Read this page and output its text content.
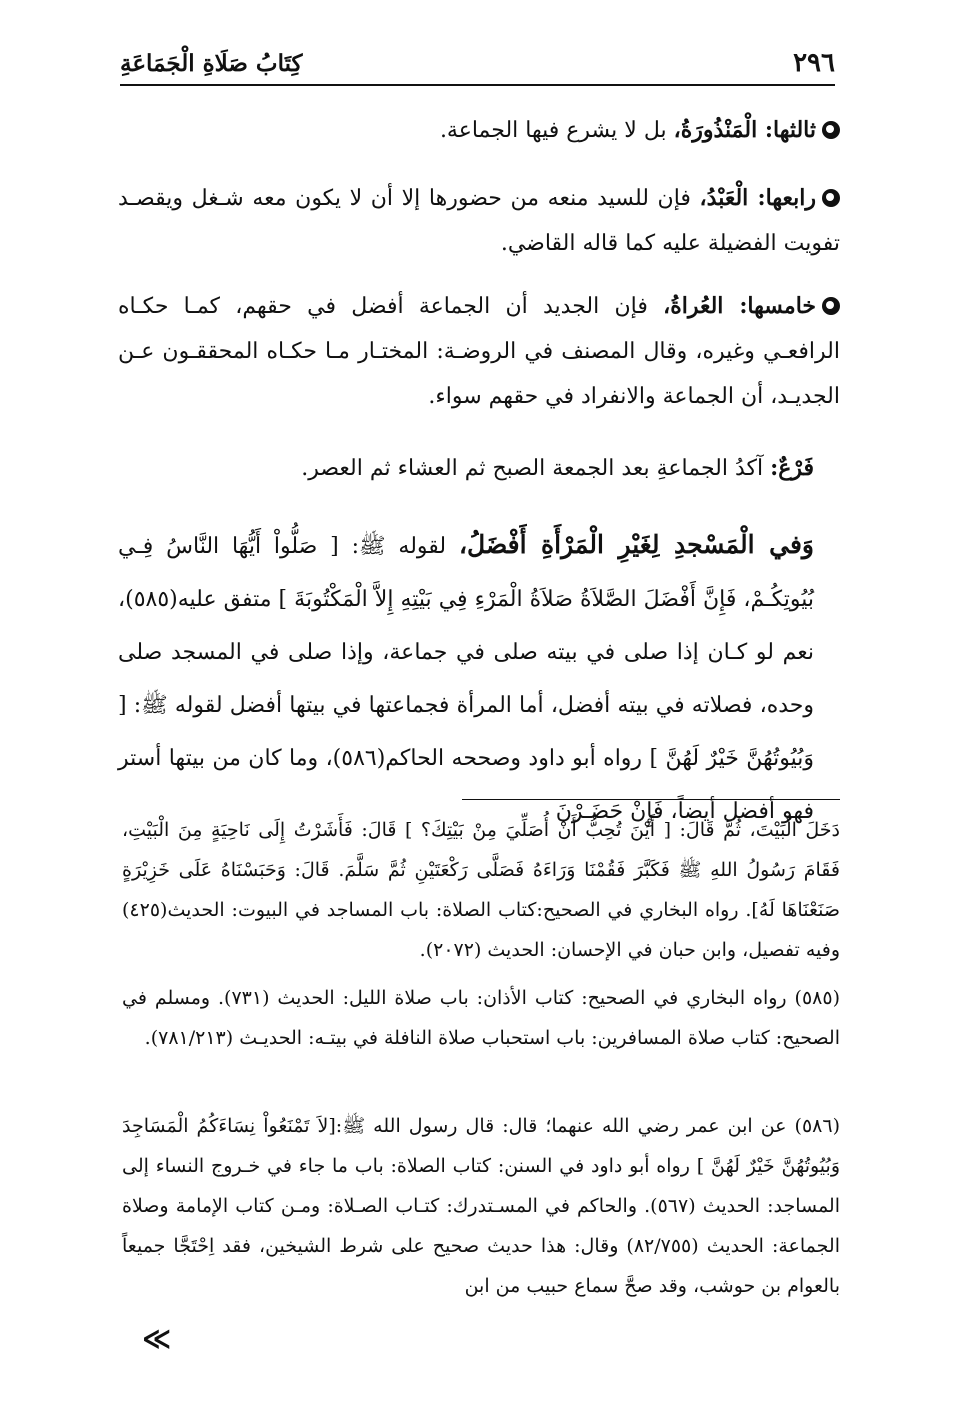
٢٩٦
كِتَابُ صَلَاةِ الْجَمَاعَةِ

ثالثها: الْمَنْذُورَةُ، بل لا يشرع فيها الجماعة.

رابعها: الْعَبْدُ، فإن للسيد منعه من حضورها إلا أن لا يكون معه شـغل ويقصـد تفويت الفضيلة عليه كما قاله القاضي.

خامسها: العُراةُ، فإن الجديد أن الجماعة أفضل في حقهم، كمـا حكـاه الرافعـي وغيره، وقال المصنف في الروضـة: المختـار مـا حكـاه المحققـون عـن الجديـد، أن الجماعة والانفراد في حقهم سواء.

فَرْعٌ: آكدُ الجماعةِ بعد الجمعة الصبح ثم العشاء ثم العصر.

وَفي الْمَسْجدِ لِغَيْرِ الْمَرْأَةِ أَفْضَلُ، لقوله ﷺ: [ صَلُّواْ أَيُّهَا النَّاسُ فِـي بُيُوتِكُـمْ، فَإِنَّ أَفْضَلَ الصَّلاَةُ صَلاَةُ الْمَرْءِ فِي بَيْتِهِ إِلاَّ الْمَكْتُوبَةَ ] متفق عليه(٥٨٥)، نعم لو كـان إذا صلى في بيته صلى في جماعة، وإذا صلى في المسجد صلى وحده، فصلاته في بيته أفضل، أما المرأة فجماعتها في بيتها أفضل لقوله ﷺ: [ وَبُيُوتُهُنَّ خَيْرٌ لَهُنَّ ] رواه أبو داود وصححه الحاكم(٥٨٦)، وما كان من بيتها أستر فهو أفضل أيضاً، فَإِنْ حَضَـرْنَ

دَخَلَ الْبَيْتَ، ثُمَّ قَالَ: [ أَيْنَ تُحِبُّ أَنْ أُصَلِّيَ مِنْ بَيْتِكَ؟ ] قَالَ: فَأَشَرْتُ إِلَى نَاحِيَةٍ مِنَ الْبَيْتِ، فَقَامَ رَسُولُ اللهِ ﷺ فَكَبَّرَ فَقُمْنَا وَرَاءَهُ فَصَلَّى رَكْعَتَيْنِ ثُمَّ سَلَّمَ. قَالَ: وَحَبَسْنَاهُ عَلَى خَزِيْرَةٍ صَنَعْنَاهَا لَهُ]. رواه البخاري في الصحيح:كتاب الصلاة: باب المساجد في البيوت: الحديث(٤٢٥) وفيه تفصيل، وابن حبان في الإحسان: الحديث (٢٠٧٢).

(٥٨٥) رواه البخاري في الصحيح: كتاب الأذان: باب صلاة الليل: الحديث (٧٣١). ومسلم في الصحيح: كتاب صلاة المسافرين: باب استحباب صلاة النافلة في بيتـه: الحديـث (٧٨١/٢١٣).

(٥٨٦) عن ابن عمر رضي الله عنهما؛ قال: قال رسول الله ﷺ:[لاَ تَمْنَعُواْ نِسَاءَكُمُ الْمَسَاجِدَ وَبُيُوتُهُنَّ خَيْرٌ لَهُنَّ ] رواه أبو داود في السنن: كتاب الصلاة: باب ما جاء في خـروج النساء إلى المساجد: الحديث (٥٦٧). والحاكم في المسـتدرك: كتـاب الصـلاة: ومـن كتاب الإمامة وصلاة الجماعة: الحديث (٨٢/٧٥٥) وقال: هذا حديث صحيح على شرط الشيخين، فقد اِحْتَجَّا جميعاً بالعوام بن حوشب، وقد صحَّ سماع حبيب من ابن

≪
